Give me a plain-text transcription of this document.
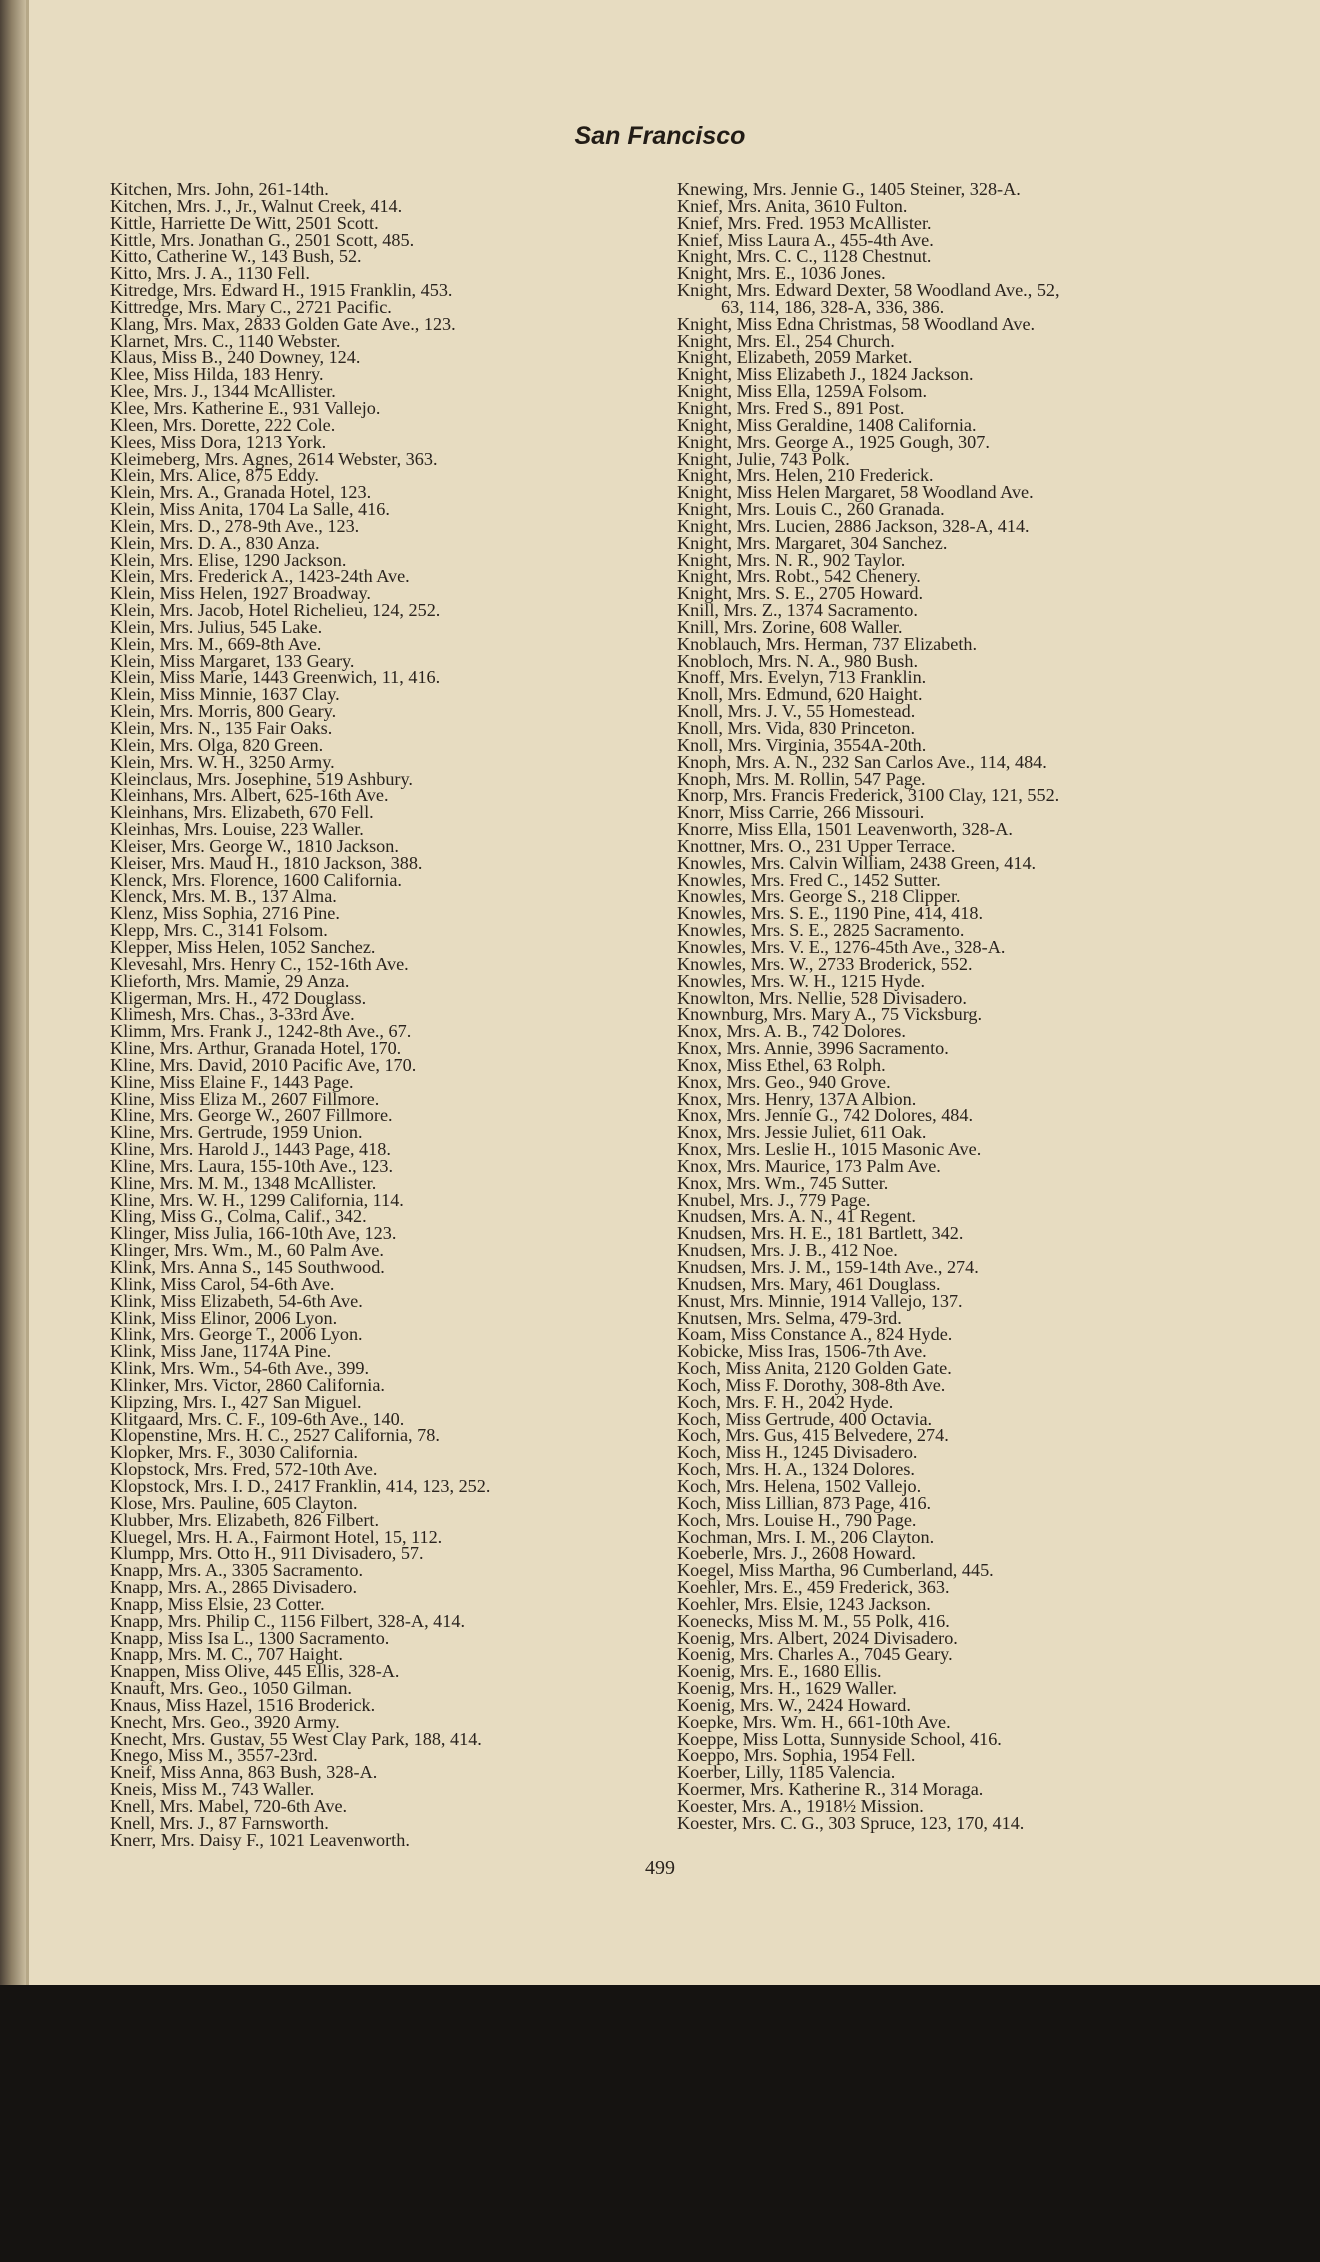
San Francisco
Kitchen, Mrs. John, 261-14th.
Kitchen, Mrs. J., Jr., Walnut Creek, 414.
Kittle, Harriette De Witt, 2501 Scott.
Kittle, Mrs. Jonathan G., 2501 Scott, 485.
Kitto, Catherine W., 143 Bush, 52.
Kitto, Mrs. J. A., 1130 Fell.
Kitredge, Mrs. Edward H., 1915 Franklin, 453.
Kittredge, Mrs. Mary C., 2721 Pacific.
Klang, Mrs. Max, 2833 Golden Gate Ave., 123.
Klarnet, Mrs. C., 1140 Webster.
Klaus, Miss B., 240 Downey, 124.
Klee, Miss Hilda, 183 Henry.
Klee, Mrs. J., 1344 McAllister.
Klee, Mrs. Katherine E., 931 Vallejo.
Kleen, Mrs. Dorette, 222 Cole.
Klees, Miss Dora, 1213 York.
Kleimeberg, Mrs. Agnes, 2614 Webster, 363.
Klein, Mrs. Alice, 875 Eddy.
Klein, Mrs. A., Granada Hotel, 123.
Klein, Miss Anita, 1704 La Salle, 416.
Klein, Mrs. D., 278-9th Ave., 123.
Klein, Mrs. D. A., 830 Anza.
Klein, Mrs. Elise, 1290 Jackson.
Klein, Mrs. Frederick A., 1423-24th Ave.
Klein, Miss Helen, 1927 Broadway.
Klein, Mrs. Jacob, Hotel Richelieu, 124, 252.
Klein, Mrs. Julius, 545 Lake.
Klein, Mrs. M., 669-8th Ave.
Klein, Miss Margaret, 133 Geary.
Klein, Miss Marie, 1443 Greenwich, 11, 416.
Klein, Miss Minnie, 1637 Clay.
Klein, Mrs. Morris, 800 Geary.
Klein, Mrs. N., 135 Fair Oaks.
Klein, Mrs. Olga, 820 Green.
Klein, Mrs. W. H., 3250 Army.
Kleinclaus, Mrs. Josephine, 519 Ashbury.
Kleinhans, Mrs. Albert, 625-16th Ave.
Kleinhans, Mrs. Elizabeth, 670 Fell.
Kleinhas, Mrs. Louise, 223 Waller.
Kleiser, Mrs. George W., 1810 Jackson.
Kleiser, Mrs. Maud H., 1810 Jackson, 388.
Klenck, Mrs. Florence, 1600 California.
Klenck, Mrs. M. B., 137 Alma.
Klenz, Miss Sophia, 2716 Pine.
Klepp, Mrs. C., 3141 Folsom.
Klepper, Miss Helen, 1052 Sanchez.
Klevesahl, Mrs. Henry C., 152-16th Ave.
Klieforth, Mrs. Mamie, 29 Anza.
Kligerman, Mrs. H., 472 Douglass.
Klimesh, Mrs. Chas., 3-33rd Ave.
Klimm, Mrs. Frank J., 1242-8th Ave., 67.
Kline, Mrs. Arthur, Granada Hotel, 170.
Kline, Mrs. David, 2010 Pacific Ave, 170.
Kline, Miss Elaine F., 1443 Page.
Kline, Miss Eliza M., 2607 Fillmore.
Kline, Mrs. George W., 2607 Fillmore.
Kline, Mrs. Gertrude, 1959 Union.
Kline, Mrs. Harold J., 1443 Page, 418.
Kline, Mrs. Laura, 155-10th Ave., 123.
Kline, Mrs. M. M., 1348 McAllister.
Kline, Mrs. W. H., 1299 California, 114.
Kling, Miss G., Colma, Calif., 342.
Klinger, Miss Julia, 166-10th Ave, 123.
Klinger, Mrs. Wm., M., 60 Palm Ave.
Klink, Mrs. Anna S., 145 Southwood.
Klink, Miss Carol, 54-6th Ave.
Klink, Miss Elizabeth, 54-6th Ave.
Klink, Miss Elinor, 2006 Lyon.
Klink, Mrs. George T., 2006 Lyon.
Klink, Miss Jane, 1174A Pine.
Klink, Mrs. Wm., 54-6th Ave., 399.
Klinker, Mrs. Victor, 2860 California.
Klipzing, Mrs. I., 427 San Miguel.
Klitgaard, Mrs. C. F., 109-6th Ave., 140.
Klopenstine, Mrs. H. C., 2527 California, 78.
Klopker, Mrs. F., 3030 California.
Klopstock, Mrs. Fred, 572-10th Ave.
Klopstock, Mrs. I. D., 2417 Franklin, 414, 123, 252.
Klose, Mrs. Pauline, 605 Clayton.
Klubber, Mrs. Elizabeth, 826 Filbert.
Kluegel, Mrs. H. A., Fairmont Hotel, 15, 112.
Klumpp, Mrs. Otto H., 911 Divisadero, 57.
Knapp, Mrs. A., 3305 Sacramento.
Knapp, Mrs. A., 2865 Divisadero.
Knapp, Miss Elsie, 23 Cotter.
Knapp, Mrs. Philip C., 1156 Filbert, 328-A, 414.
Knapp, Miss Isa L., 1300 Sacramento.
Knapp, Mrs. M. C., 707 Haight.
Knappen, Miss Olive, 445 Ellis, 328-A.
Knauft, Mrs. Geo., 1050 Gilman.
Knaus, Miss Hazel, 1516 Broderick.
Knecht, Mrs. Geo., 3920 Army.
Knecht, Mrs. Gustav, 55 West Clay Park, 188, 414.
Knego, Miss M., 3557-23rd.
Kneif, Miss Anna, 863 Bush, 328-A.
Kneis, Miss M., 743 Waller.
Knell, Mrs. Mabel, 720-6th Ave.
Knell, Mrs. J., 87 Farnsworth.
Knerr, Mrs. Daisy F., 1021 Leavenworth.
Knewing, Mrs. Jennie G., 1405 Steiner, 328-A.
Knief, Mrs. Anita, 3610 Fulton.
Knief, Mrs. Fred. 1953 McAllister.
Knief, Miss Laura A., 455-4th Ave.
Knight, Mrs. C. C., 1128 Chestnut.
Knight, Mrs. E., 1036 Jones.
Knight, Mrs. Edward Dexter, 58 Woodland Ave., 52,
63, 114, 186, 328-A, 336, 386.
Knight, Miss Edna Christmas, 58 Woodland Ave.
Knight, Mrs. El., 254 Church.
Knight, Elizabeth, 2059 Market.
Knight, Miss Elizabeth J., 1824 Jackson.
Knight, Miss Ella, 1259A Folsom.
Knight, Mrs. Fred S., 891 Post.
Knight, Miss Geraldine, 1408 California.
Knight, Mrs. George A., 1925 Gough, 307.
Knight, Julie, 743 Polk.
Knight, Mrs. Helen, 210 Frederick.
Knight, Miss Helen Margaret, 58 Woodland Ave.
Knight, Mrs. Louis C., 260 Granada.
Knight, Mrs. Lucien, 2886 Jackson, 328-A, 414.
Knight, Mrs. Margaret, 304 Sanchez.
Knight, Mrs. N. R., 902 Taylor.
Knight, Mrs. Robt., 542 Chenery.
Knight, Mrs. S. E., 2705 Howard.
Knill, Mrs. Z., 1374 Sacramento.
Knill, Mrs. Zorine, 608 Waller.
Knoblauch, Mrs. Herman, 737 Elizabeth.
Knobloch, Mrs. N. A., 980 Bush.
Knoff, Mrs. Evelyn, 713 Franklin.
Knoll, Mrs. Edmund, 620 Haight.
Knoll, Mrs. J. V., 55 Homestead.
Knoll, Mrs. Vida, 830 Princeton.
Knoll, Mrs. Virginia, 3554A-20th.
Knoph, Mrs. A. N., 232 San Carlos Ave., 114, 484.
Knoph, Mrs. M. Rollin, 547 Page.
Knorp, Mrs. Francis Frederick, 3100 Clay, 121, 552.
Knorr, Miss Carrie, 266 Missouri.
Knorre, Miss Ella, 1501 Leavenworth, 328-A.
Knottner, Mrs. O., 231 Upper Terrace.
Knowles, Mrs. Calvin William, 2438 Green, 414.
Knowles, Mrs. Fred C., 1452 Sutter.
Knowles, Mrs. George S., 218 Clipper.
Knowles, Mrs. S. E., 1190 Pine, 414, 418.
Knowles, Mrs. S. E., 2825 Sacramento.
Knowles, Mrs. V. E., 1276-45th Ave., 328-A.
Knowles, Mrs. W., 2733 Broderick, 552.
Knowles, Mrs. W. H., 1215 Hyde.
Knowlton, Mrs. Nellie, 528 Divisadero.
Knownburg, Mrs. Mary A., 75 Vicksburg.
Knox, Mrs. A. B., 742 Dolores.
Knox, Mrs. Annie, 3996 Sacramento.
Knox, Miss Ethel, 63 Rolph.
Knox, Mrs. Geo., 940 Grove.
Knox, Mrs. Henry, 137A Albion.
Knox, Mrs. Jennie G., 742 Dolores, 484.
Knox, Mrs. Jessie Juliet, 611 Oak.
Knox, Mrs. Leslie H., 1015 Masonic Ave.
Knox, Mrs. Maurice, 173 Palm Ave.
Knox, Mrs. Wm., 745 Sutter.
Knubel, Mrs. J., 779 Page.
Knudsen, Mrs. A. N., 41 Regent.
Knudsen, Mrs. H. E., 181 Bartlett, 342.
Knudsen, Mrs. J. B., 412 Noe.
Knudsen, Mrs. J. M., 159-14th Ave., 274.
Knudsen, Mrs. Mary, 461 Douglass.
Knust, Mrs. Minnie, 1914 Vallejo, 137.
Knutsen, Mrs. Selma, 479-3rd.
Koam, Miss Constance A., 824 Hyde.
Kobicke, Miss Iras, 1506-7th Ave.
Koch, Miss Anita, 2120 Golden Gate.
Koch, Miss F. Dorothy, 308-8th Ave.
Koch, Mrs. F. H., 2042 Hyde.
Koch, Miss Gertrude, 400 Octavia.
Koch, Mrs. Gus, 415 Belvedere, 274.
Koch, Miss H., 1245 Divisadero.
Koch, Mrs. H. A., 1324 Dolores.
Koch, Mrs. Helena, 1502 Vallejo.
Koch, Miss Lillian, 873 Page, 416.
Koch, Mrs. Louise H., 790 Page.
Kochman, Mrs. I. M., 206 Clayton.
Koeberle, Mrs. J., 2608 Howard.
Koegel, Miss Martha, 96 Cumberland, 445.
Koehler, Mrs. E., 459 Frederick, 363.
Koehler, Mrs. Elsie, 1243 Jackson.
Koenecks, Miss M. M., 55 Polk, 416.
Koenig, Mrs. Albert, 2024 Divisadero.
Koenig, Mrs. Charles A., 7045 Geary.
Koenig, Mrs. E., 1680 Ellis.
Koenig, Mrs. H., 1629 Waller.
Koenig, Mrs. W., 2424 Howard.
Koepke, Mrs. Wm. H., 661-10th Ave.
Koeppe, Miss Lotta, Sunnyside School, 416.
Koeppo, Mrs. Sophia, 1954 Fell.
Koerber, Lilly, 1185 Valencia.
Koermer, Mrs. Katherine R., 314 Moraga.
Koester, Mrs. A., 1918½ Mission.
Koester, Mrs. C. G., 303 Spruce, 123, 170, 414.
499
